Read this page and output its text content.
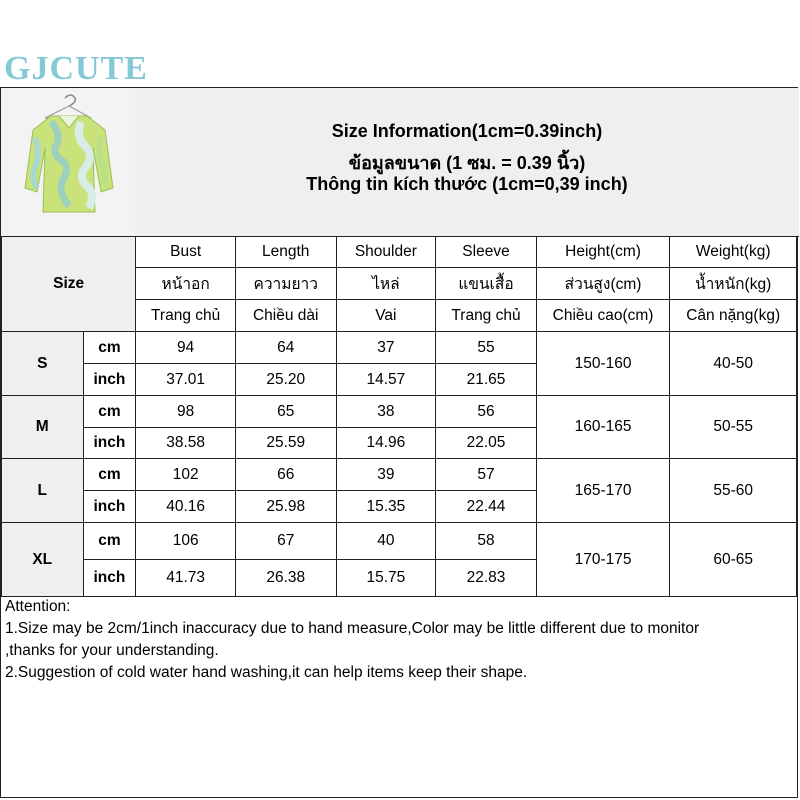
GJCUTE
Size Information(1cm=0.39inch)
ข้อมูลขนาด (1 ซม. = 0.39 นิ้ว)
Thông tin kích thước (1cm=0,39 inch)
Size		Bust	Length	Shoulder	Sleeve	Height(cm)	Weight(kg)
		หน้าอก	ความยาว	ไหล่	แขนเสื้อ	ส่วนสูง(cm)	น้ำหนัก(kg)
		Trang chủ	Chiều dài	Vai	Trang chủ	Chiều cao(cm)	Cân nặng(kg)
S	cm	94	64	37	55	150-160	40-50
	inch	37.01	25.20	14.57	21.65		
M	cm	98	65	38	56	160-165	50-55
	inch	38.58	25.59	14.96	22.05		
L	cm	102	66	39	57	165-170	55-60
	inch	40.16	25.98	15.35	22.44		
XL	cm	106	67	40	58	170-175	60-65
	inch	41.73	26.38	15.75	22.83		
Attention:
1.Size may be 2cm/1inch inaccuracy due to hand measure,Color may be little different due to monitor
,thanks for your understanding.
2.Suggestion of cold water hand washing,it can help items keep their shape.
